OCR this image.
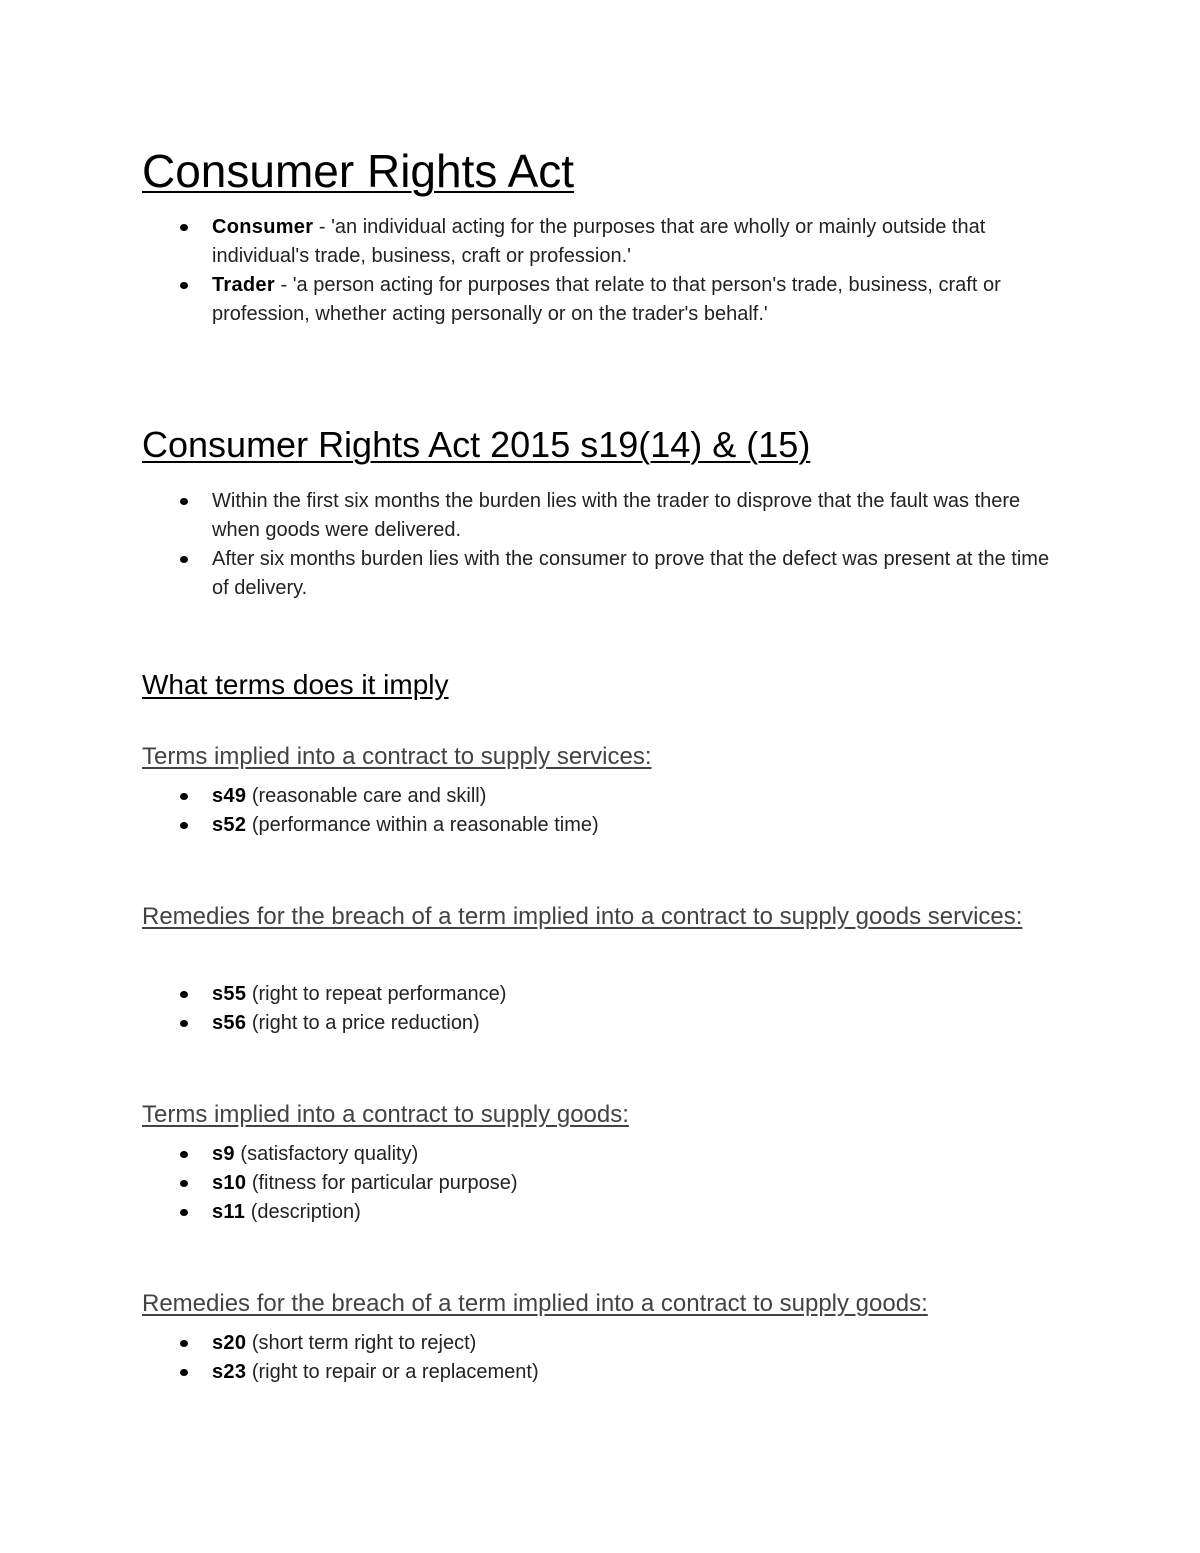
Consumer Rights Act
Consumer - 'an individual acting for the purposes that are wholly or mainly outside that individual's trade, business, craft or profession.'
Trader - 'a person acting for purposes that relate to that person's trade, business, craft or profession, whether acting personally or on the trader's behalf.'
Consumer Rights Act 2015 s19(14) & (15)
Within the first six months the burden lies with the trader to disprove that the fault was there when goods were delivered.
After six months burden lies with the consumer to prove that the defect was present at the time of delivery.
What terms does it imply
Terms implied into a contract to supply services:
s49 (reasonable care and skill)
s52 (performance within a reasonable time)
Remedies for the breach of a term implied into a contract to supply goods services:
s55 (right to repeat performance)
s56 (right to a price reduction)
Terms implied into a contract to supply goods:
s9 (satisfactory quality)
s10 (fitness for particular purpose)
s11 (description)
Remedies for the breach of a term implied into a contract to supply goods:
s20 (short term right to reject)
s23 (right to repair or a replacement)
